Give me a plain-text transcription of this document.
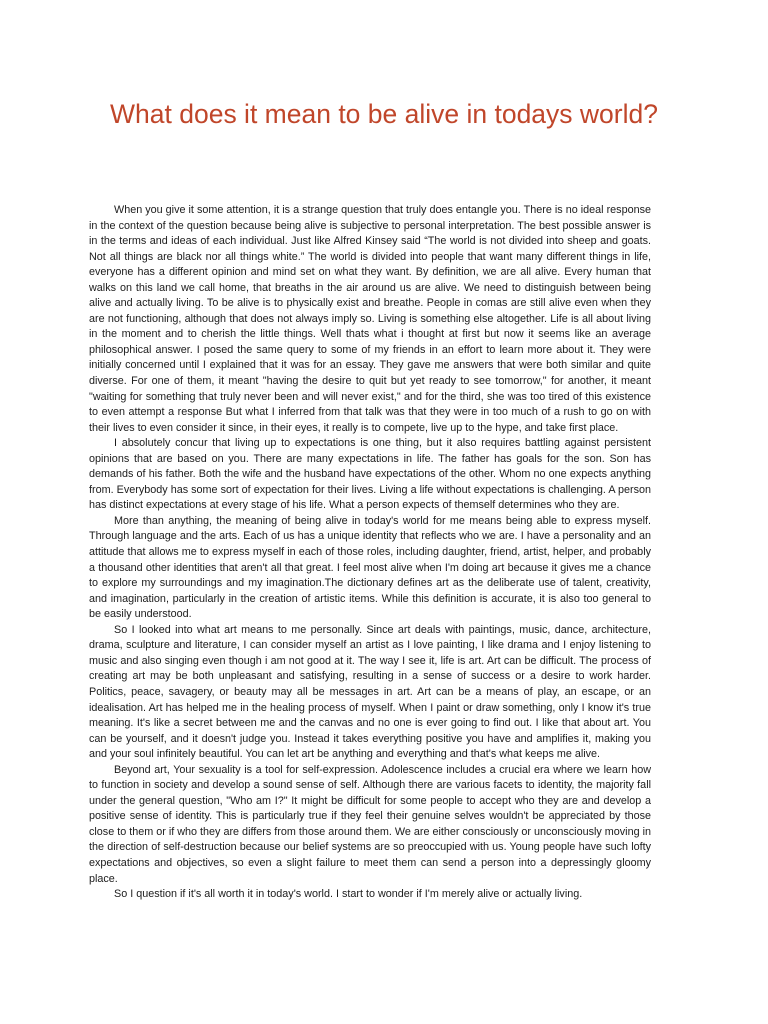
What does it mean to be alive in todays world?

When you give it some attention, it is a strange question that truly does entangle you. There is no ideal response in the context of the question because being alive is subjective to personal interpretation. The best possible answer is in the terms and ideas of each individual. Just like Alfred Kinsey said “The world is not divided into sheep and goats. Not all things are black nor all things white.” The world is divided into people that want many different things in life, everyone has a different opinion and mind set on what they want. By definition, we are all alive. Every human that walks on this land we call home, that breaths in the air around us are alive. We need to distinguish between being alive and actually living. To be alive is to physically exist and breathe. People in comas are still alive even when they are not functioning, although that does not always imply so. Living is something else altogether. Life is all about living in the moment and to cherish the little things. Well thats what i thought at first but now it seems like an average philosophical answer. I posed the same query to some of my friends in an effort to learn more about it. They were initially concerned until I explained that it was for an essay. They gave me answers that were both similar and quite diverse. For one of them, it meant "having the desire to quit but yet ready to see tomorrow," for another, it meant "waiting for something that truly never been and will never exist," and for the third, she was too tired of this existence to even attempt a response But what I inferred from that talk was that they were in too much of a rush to go on with their lives to even consider it since, in their eyes, it really is to compete, live up to the hype, and take first place.

I absolutely concur that living up to expectations is one thing, but it also requires battling against persistent opinions that are based on you. There are many expectations in life. The father has goals for the son. Son has demands of his father. Both the wife and the husband have expectations of the other. Whom no one expects anything from. Everybody has some sort of expectation for their lives. Living a life without expectations is challenging. A person has distinct expectations at every stage of his life. What a person expects of themself determines who they are.

More than anything, the meaning of being alive in today's world for me means being able to express myself. Through language and the arts. Each of us has a unique identity that reflects who we are. I have a personality and an attitude that allows me to express myself in each of those roles, including daughter, friend, artist, helper, and probably a thousand other identities that aren't all that great. I feel most alive when I'm doing art because it gives me a chance to explore my surroundings and my imagination.The dictionary defines art as the deliberate use of talent, creativity, and imagination, particularly in the creation of artistic items. While this definition is accurate, it is also too general to be easily understood.

So I looked into what art means to me personally. Since art deals with paintings, music, dance, architecture, drama, sculpture and literature, I can consider myself an artist as I love painting, I like drama and I enjoy listening to music and also singing even though i am not good at it. The way I see it, life is art. Art can be difficult. The process of creating art may be both unpleasant and satisfying, resulting in a sense of success or a desire to work harder. Politics, peace, savagery, or beauty may all be messages in art. Art can be a means of play, an escape, or an idealisation. Art has helped me in the healing process of myself. When I paint or draw something, only I know it's true meaning. It's like a secret between me and the canvas and no one is ever going to find out. I like that about art. You can be yourself, and it doesn't judge you. Instead it takes everything positive you have and amplifies it, making you and your soul infinitely beautiful. You can let art be anything and everything and that's what keeps me alive.

Beyond art, Your sexuality is a tool for self-expression. Adolescence includes a crucial era where we learn how to function in society and develop a sound sense of self. Although there are various facets to identity, the majority fall under the general question, "Who am I?" It might be difficult for some people to accept who they are and develop a positive sense of identity. This is particularly true if they feel their genuine selves wouldn't be appreciated by those close to them or if who they are differs from those around them. We are either consciously or unconsciously moving in the direction of self-destruction because our belief systems are so preoccupied with us. Young people have such lofty expectations and objectives, so even a slight failure to meet them can send a person into a depressingly gloomy place.

So I question if it's all worth it in today's world. I start to wonder if I'm merely alive or actually living.
